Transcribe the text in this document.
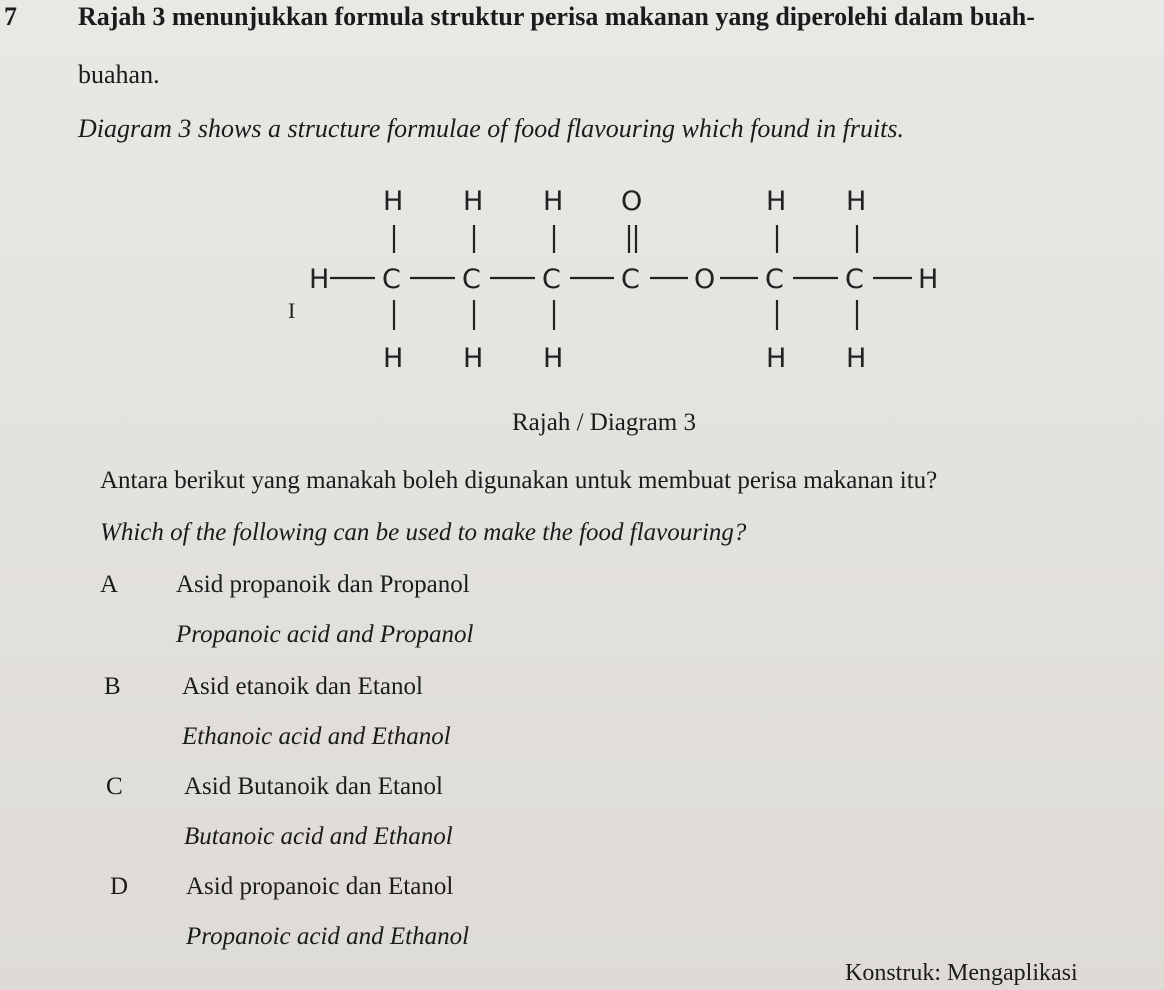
7 Rajah 3 menunjukkan formula struktur perisa makanan yang diperolehi dalam buah-
buahan.
Diagram 3 shows a structure formulae of food flavouring which found in fruits.
I
H H H O	H H
H C C C C O C C H
H H H	H H
Rajah / Diagram 3
Antara berikut yang manakah boleh digunakan untuk membuat perisa makanan itu?
Which of the following can be used to make the food flavouring?
A Asid propanoik dan Propanol
Propanoic acid and Propanol
B Asid etanoik dan Etanol
Ethanoic acid and Ethanol
C Asid Butanoik dan Etanol
Butanoic acid and Ethanol
D Asid propanoic dan Etanol
Propanoic acid and Ethanol
Konstruk: Mengaplikasi
